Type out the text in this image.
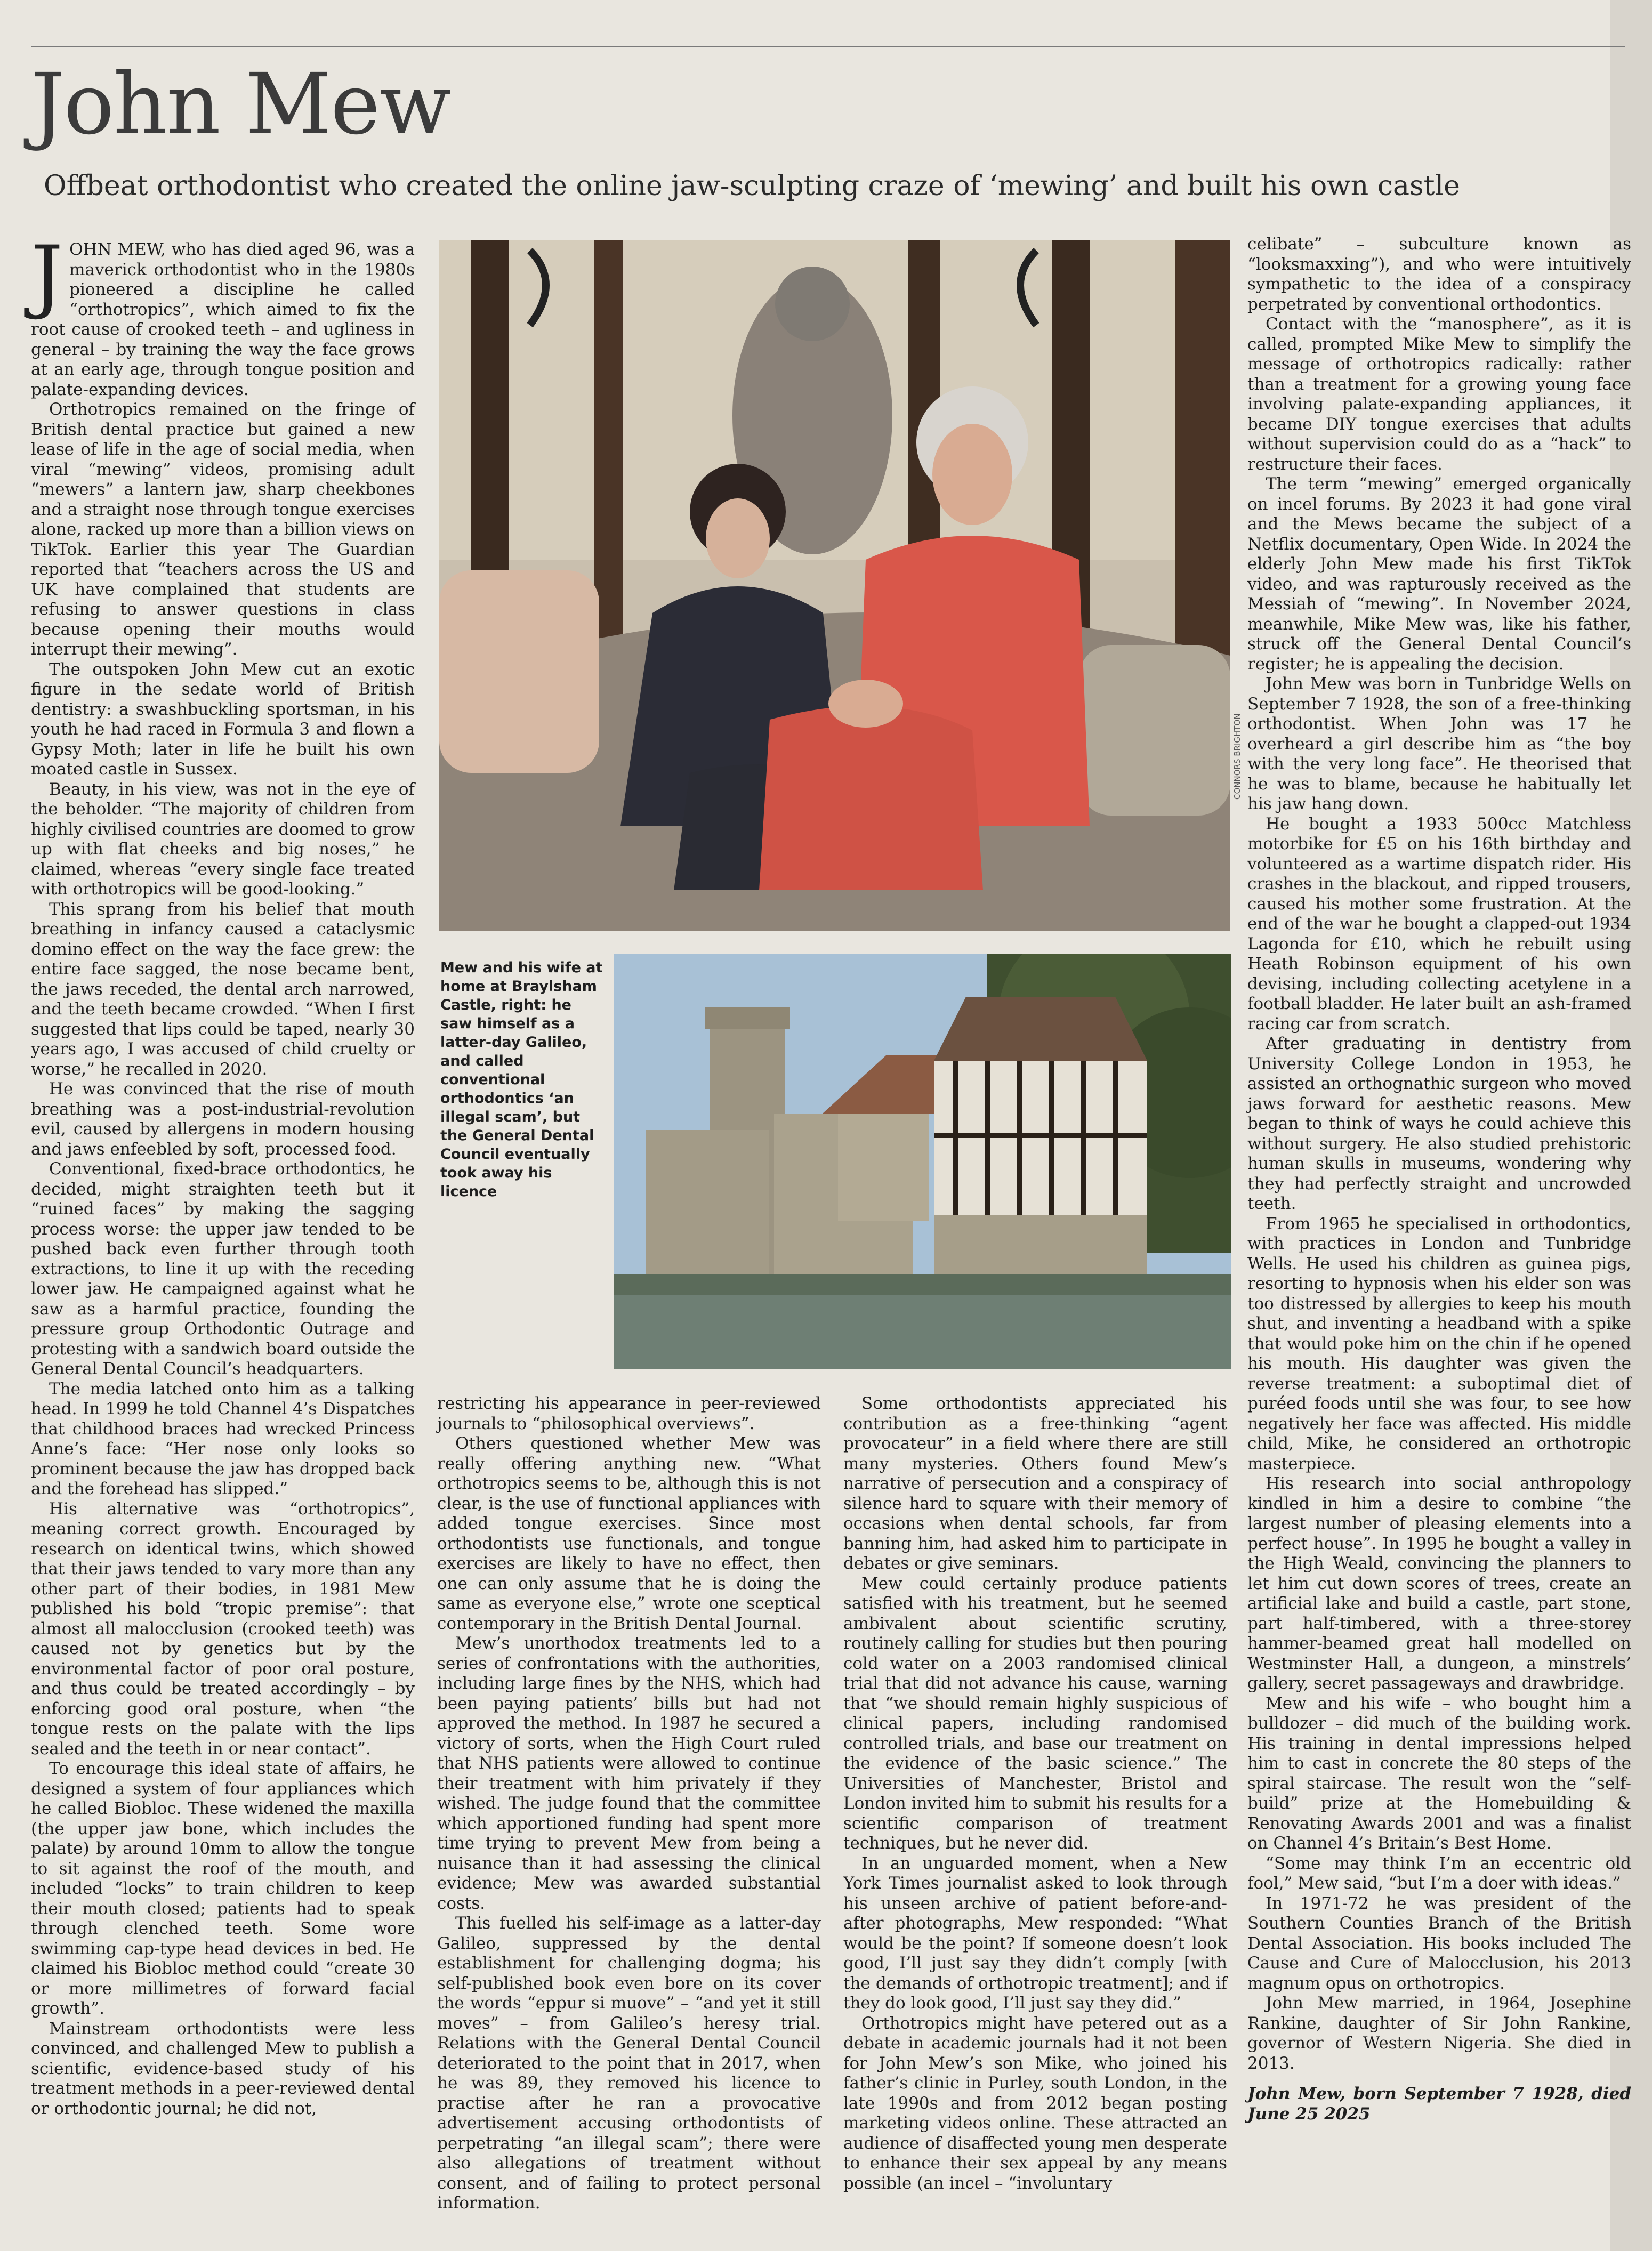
John Mew
Offbeat orthodontist who created the online jaw-sculpting craze of ‘mewing’ and built his own castle

JOHN MEW, who has died aged 96, was a maverick orthodontist who in the 1980s pioneered a discipline he called “orthotropics”, which aimed to fix the root cause of crooked teeth – and ugliness in general – by training the way the face grows at an early age, through tongue position and palate-expanding devices.

Orthotropics remained on the fringe of British dental practice but gained a new lease of life in the age of social media, when viral “mewing” videos, promising adult “mewers” a lantern jaw, sharp cheekbones and a straight nose through tongue exercises alone, racked up more than a billion views on TikTok. Earlier this year The Guardian reported that “teachers across the US and UK have complained that students are refusing to answer questions in class because opening their mouths would interrupt their mewing”.

The outspoken John Mew cut an exotic figure in the sedate world of British dentistry: a swashbuckling sportsman, in his youth he had raced in Formula 3 and flown a Gypsy Moth; later in life he built his own moated castle in Sussex.

Beauty, in his view, was not in the eye of the beholder. “The majority of children from highly civilised countries are doomed to grow up with flat cheeks and big noses,” he claimed, whereas “every single face treated with orthotropics will be good-looking.”

This sprang from his belief that mouth breathing in infancy caused a cataclysmic domino effect on the way the face grew: the entire face sagged, the nose became bent, the jaws receded, the dental arch narrowed, and the teeth became crowded. “When I first suggested that lips could be taped, nearly 30 years ago, I was accused of child cruelty or worse,” he recalled in 2020.

He was convinced that the rise of mouth breathing was a post-industrial-revolution evil, caused by allergens in modern housing and jaws enfeebled by soft, processed food.

Conventional, fixed-brace orthodontics, he decided, might straighten teeth but it “ruined faces” by making the sagging process worse: the upper jaw tended to be pushed back even further through tooth extractions, to line it up with the receding lower jaw. He campaigned against what he saw as a harmful practice, founding the pressure group Orthodontic Outrage and protesting with a sandwich board outside the General Dental Council’s headquarters.

The media latched onto him as a talking head. In 1999 he told Channel 4’s Dispatches that childhood braces had wrecked Princess Anne’s face: “Her nose only looks so prominent because the jaw has dropped back and the forehead has slipped.”

His alternative was “orthotropics”, meaning correct growth. Encouraged by research on identical twins, which showed that their jaws tended to vary more than any other part of their bodies, in 1981 Mew published his bold “tropic premise”: that almost all malocclusion (crooked teeth) was caused not by genetics but by the environmental factor of poor oral posture, and thus could be treated accordingly – by enforcing good oral posture, when “the tongue rests on the palate with the lips sealed and the teeth in or near contact”.

To encourage this ideal state of affairs, he designed a system of four appliances which he called Biobloc. These widened the maxilla (the upper jaw bone, which includes the palate) by around 10mm to allow the tongue to sit against the roof of the mouth, and included “locks” to train children to keep their mouth closed; patients had to speak through clenched teeth. Some wore swimming cap-type head devices in bed. He claimed his Biobloc method could “create 30 or more millimetres of forward facial growth”.

Mainstream orthodontists were less convinced, and challenged Mew to publish a scientific, evidence-based study of his treatment methods in a peer-reviewed dental or orthodontic journal; he did not,

CONNORS BRIGHTON

Mew and his wife at home at Braylsham Castle, right: he saw himself as a latter-day Galileo, and called conventional orthodontics ‘an illegal scam’, but the General Dental Council eventually took away his licence

restricting his appearance in peer-reviewed journals to “philosophical overviews”.

Others questioned whether Mew was really offering anything new. “What orthotropics seems to be, although this is not clear, is the use of functional appliances with added tongue exercises. Since most orthodontists use functionals, and tongue exercises are likely to have no effect, then one can only assume that he is doing the same as everyone else,” wrote one sceptical contemporary in the British Dental Journal.

Mew’s unorthodox treatments led to a series of confrontations with the authorities, including large fines by the NHS, which had been paying patients’ bills but had not approved the method. In 1987 he secured a victory of sorts, when the High Court ruled that NHS patients were allowed to continue their treatment with him privately if they wished. The judge found that the committee which apportioned funding had spent more time trying to prevent Mew from being a nuisance than it had assessing the clinical evidence; Mew was awarded substantial costs.

This fuelled his self-image as a latter-day Galileo, suppressed by the dental establishment for challenging dogma; his self-published book even bore on its cover the words “eppur si muove” – “and yet it still moves” – from Galileo’s heresy trial. Relations with the General Dental Council deteriorated to the point that in 2017, when he was 89, they removed his licence to practise after he ran a provocative advertisement accusing orthodontists of perpetrating “an illegal scam”; there were also allegations of treatment without consent, and of failing to protect personal information.

Some orthodontists appreciated his contribution as a free-thinking “agent provocateur” in a field where there are still many mysteries. Others found Mew’s narrative of persecution and a conspiracy of silence hard to square with their memory of occasions when dental schools, far from banning him, had asked him to participate in debates or give seminars.

Mew could certainly produce patients satisfied with his treatment, but he seemed ambivalent about scientific scrutiny, routinely calling for studies but then pouring cold water on a 2003 randomised clinical trial that did not advance his cause, warning that “we should remain highly suspicious of clinical papers, including randomised controlled trials, and base our treatment on the evidence of the basic science.” The Universities of Manchester, Bristol and London invited him to submit his results for a scientific comparison of treatment techniques, but he never did.

In an unguarded moment, when a New York Times journalist asked to look through his unseen archive of patient before-and-after photographs, Mew responded: “What would be the point? If someone doesn’t look good, I’ll just say they didn’t comply [with the demands of orthotropic treatment]; and if they do look good, I’ll just say they did.”

Orthotropics might have petered out as a debate in academic journals had it not been for John Mew’s son Mike, who joined his father’s clinic in Purley, south London, in the late 1990s and from 2012 began posting marketing videos online. These attracted an audience of disaffected young men desperate to enhance their sex appeal by any means possible (an incel – “involuntary

celibate” – subculture known as “looksmaxxing”), and who were intuitively sympathetic to the idea of a conspiracy perpetrated by conventional orthodontics.

Contact with the “manosphere”, as it is called, prompted Mike Mew to simplify the message of orthotropics radically: rather than a treatment for a growing young face involving palate-expanding appliances, it became DIY tongue exercises that adults without supervision could do as a “hack” to restructure their faces.

The term “mewing” emerged organically on incel forums. By 2023 it had gone viral and the Mews became the subject of a Netflix documentary, Open Wide. In 2024 the elderly John Mew made his first TikTok video, and was rapturously received as the Messiah of “mewing”. In November 2024, meanwhile, Mike Mew was, like his father, struck off the General Dental Council’s register; he is appealing the decision.

John Mew was born in Tunbridge Wells on September 7 1928, the son of a free-thinking orthodontist. When John was 17 he overheard a girl describe him as “the boy with the very long face”. He theorised that he was to blame, because he habitually let his jaw hang down.

He bought a 1933 500cc Matchless motorbike for £5 on his 16th birthday and volunteered as a wartime dispatch rider. His crashes in the blackout, and ripped trousers, caused his mother some frustration. At the end of the war he bought a clapped-out 1934 Lagonda for £10, which he rebuilt using Heath Robinson equipment of his own devising, including collecting acetylene in a football bladder. He later built an ash-framed racing car from scratch.

After graduating in dentistry from University College London in 1953, he assisted an orthognathic surgeon who moved jaws forward for aesthetic reasons. Mew began to think of ways he could achieve this without surgery. He also studied prehistoric human skulls in museums, wondering why they had perfectly straight and uncrowded teeth.

From 1965 he specialised in orthodontics, with practices in London and Tunbridge Wells. He used his children as guinea pigs, resorting to hypnosis when his elder son was too distressed by allergies to keep his mouth shut, and inventing a headband with a spike that would poke him on the chin if he opened his mouth. His daughter was given the reverse treatment: a suboptimal diet of puréed foods until she was four, to see how negatively her face was affected. His middle child, Mike, he considered an orthotropic masterpiece.

His research into social anthropology kindled in him a desire to combine “the largest number of pleasing elements into a perfect house”. In 1995 he bought a valley in the High Weald, convincing the planners to let him cut down scores of trees, create an artificial lake and build a castle, part stone, part half-timbered, with a three-storey hammer-beamed great hall modelled on Westminster Hall, a dungeon, a minstrels’ gallery, secret passageways and drawbridge.

Mew and his wife – who bought him a bulldozer – did much of the building work. His training in dental impressions helped him to cast in concrete the 80 steps of the spiral staircase. The result won the “self-build” prize at the Homebuilding & Renovating Awards 2001 and was a finalist on Channel 4’s Britain’s Best Home.

“Some may think I’m an eccentric old fool,” Mew said, “but I’m a doer with ideas.”

In 1971-72 he was president of the Southern Counties Branch of the British Dental Association. His books included The Cause and Cure of Malocclusion, his 2013 magnum opus on orthotropics.

John Mew married, in 1964, Josephine Rankine, daughter of Sir John Rankine, governor of Western Nigeria. She died in 2013.

John Mew, born September 7 1928, died June 25 2025
